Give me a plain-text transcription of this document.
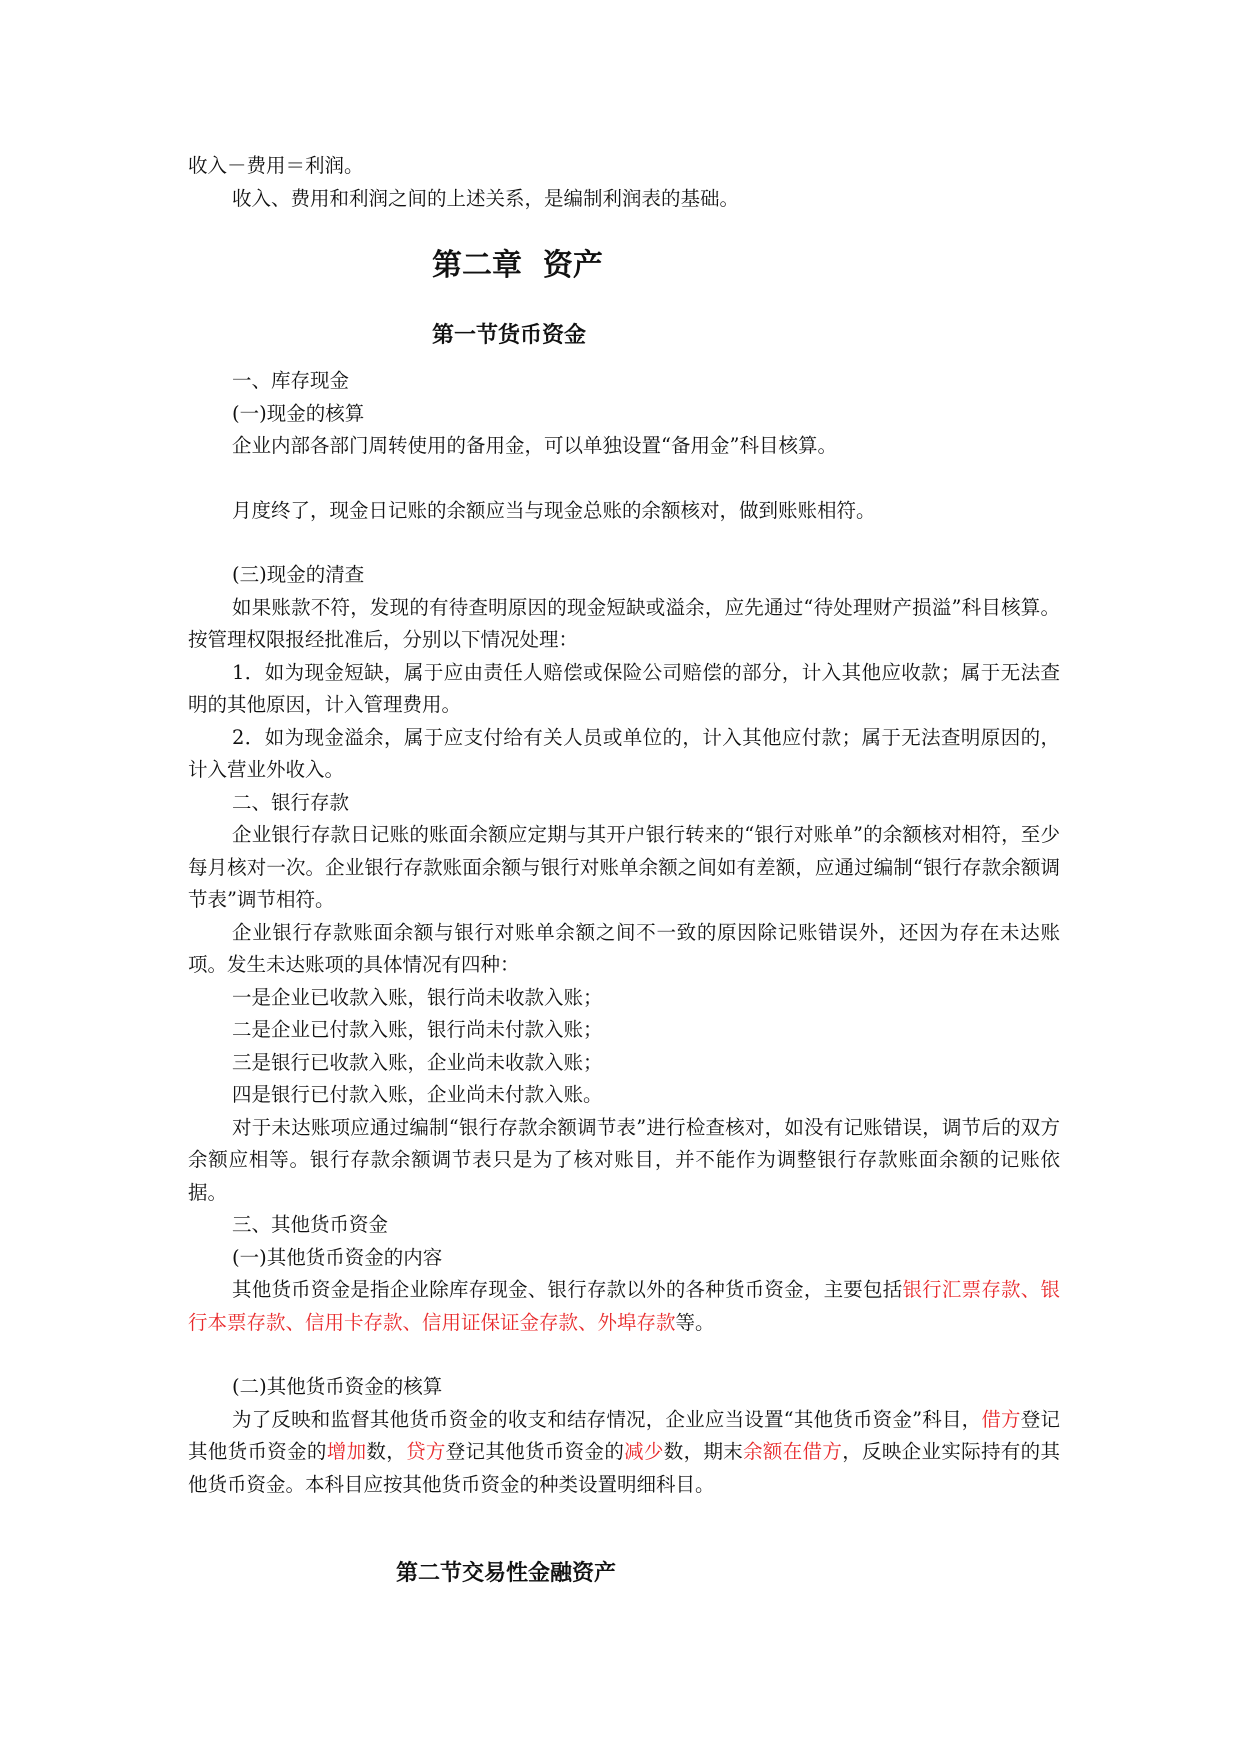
收入－费用＝利润。

收入、费用和利润之间的上述关系，是编制利润表的基础。

一、库存现金

(一)现金的核算

企业内部各部门周转使用的备用金，可以单独设置“备用金”科目核算。

月度终了，现金日记账的余额应当与现金总账的余额核对，做到账账相符。

(三)现金的清查

如果账款不符，发现的有待查明原因的现金短缺或溢余，应先通过“待处理财产损溢”科目核算。按管理权限报经批准后，分别以下情况处理：

1．如为现金短缺，属于应由责任人赔偿或保险公司赔偿的部分，计入其他应收款；属于无法查明的其他原因，计入管理费用。

2．如为现金溢余，属于应支付给有关人员或单位的，计入其他应付款；属于无法查明原因的，计入营业外收入。

二、银行存款

企业银行存款日记账的账面余额应定期与其开户银行转来的“银行对账单”的余额核对相符，至少每月核对一次。企业银行存款账面余额与银行对账单余额之间如有差额，应通过编制“银行存款余额调节表”调节相符。

企业银行存款账面余额与银行对账单余额之间不一致的原因除记账错误外，还因为存在未达账项。发生未达账项的具体情况有四种：

一是企业已收款入账，银行尚未收款入账；

二是企业已付款入账，银行尚未付款入账；

三是银行已收款入账，企业尚未收款入账；

四是银行已付款入账，企业尚未付款入账。

对于未达账项应通过编制“银行存款余额调节表”进行检查核对，如没有记账错误，调节后的双方余额应相等。银行存款余额调节表只是为了核对账目，并不能作为调整银行存款账面余额的记账依据。

三、其他货币资金

(一)其他货币资金的内容

其他货币资金是指企业除库存现金、银行存款以外的各种货币资金，主要包括银行汇票存款、银行本票存款、信用卡存款、信用证保证金存款、外埠存款等。

(二)其他货币资金的核算

为了反映和监督其他货币资金的收支和结存情况，企业应当设置“其他货币资金”科目，借方登记其他货币资金的增加数，贷方登记其他货币资金的减少数，期末余额在借方，反映企业实际持有的其他货币资金。本科目应按其他货币资金的种类设置明细科目。

第二章  资产
第一节货币资金
第二节交易性金融资产
